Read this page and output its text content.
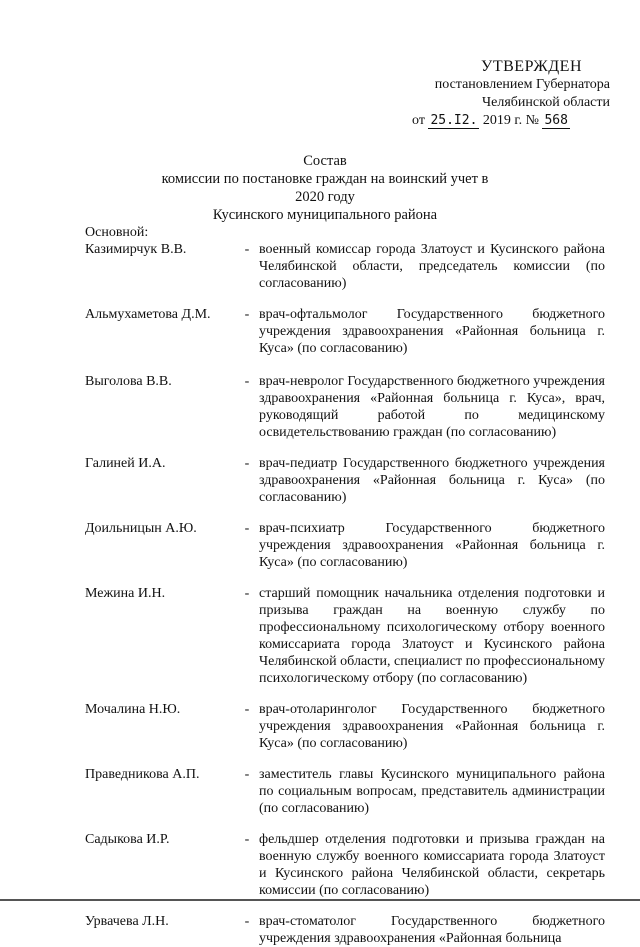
УТВЕРЖДЕН
постановлением Губернатора
Челябинской области
от 25.I2. 2019 г. № 568
Состав
комиссии по постановке граждан на воинский учет в 2020 году
Кусинского муниципального района
Основной:
Казимирчук В.В.	- военный комиссар города Златоуст и Кусинского района Челябинской области, председатель комиссии (по согласованию)
Альмухаметова Д.М.	- врач-офтальмолог Государственного бюджетного учреждения здравоохранения «Районная больница г. Куса» (по согласованию)
Выголова В.В.	- врач-невролог Государственного бюджетного учреждения здравоохранения «Районная больница г. Куса», врач, руководящий работой по медицинскому освидетельствованию граждан (по согласованию)
Галиней И.А.	- врач-педиатр Государственного бюджетного учреждения здравоохранения «Районная больница г. Куса» (по согласованию)
Доильницын А.Ю.	- врач-психиатр Государственного бюджетного учреждения здравоохранения «Районная больница г. Куса» (по согласованию)
Межина И.Н.	- старший помощник начальника отделения подготовки и призыва граждан на военную службу по профессиональному психологическому отбору военного комиссариата города Златоуст и Кусинского района Челябинской области, специалист по профессиональному психологическому отбору (по согласованию)
Мочалина Н.Ю.	- врач-отоларинголог Государственного бюджетного учреждения здравоохранения «Районная больница г. Куса» (по согласованию)
Праведникова А.П.	- заместитель главы Кусинского муниципального района по социальным вопросам, представитель администрации (по согласованию)
Садыкова И.Р.	- фельдшер отделения подготовки и призыва граждан на военную службу военного комиссариата города Златоуст и Кусинского района Челябинской области, секретарь комиссии (по согласованию)
Урвачева Л.Н.	- врач-стоматолог Государственного бюджетного учреждения здравоохранения «Районная больница
